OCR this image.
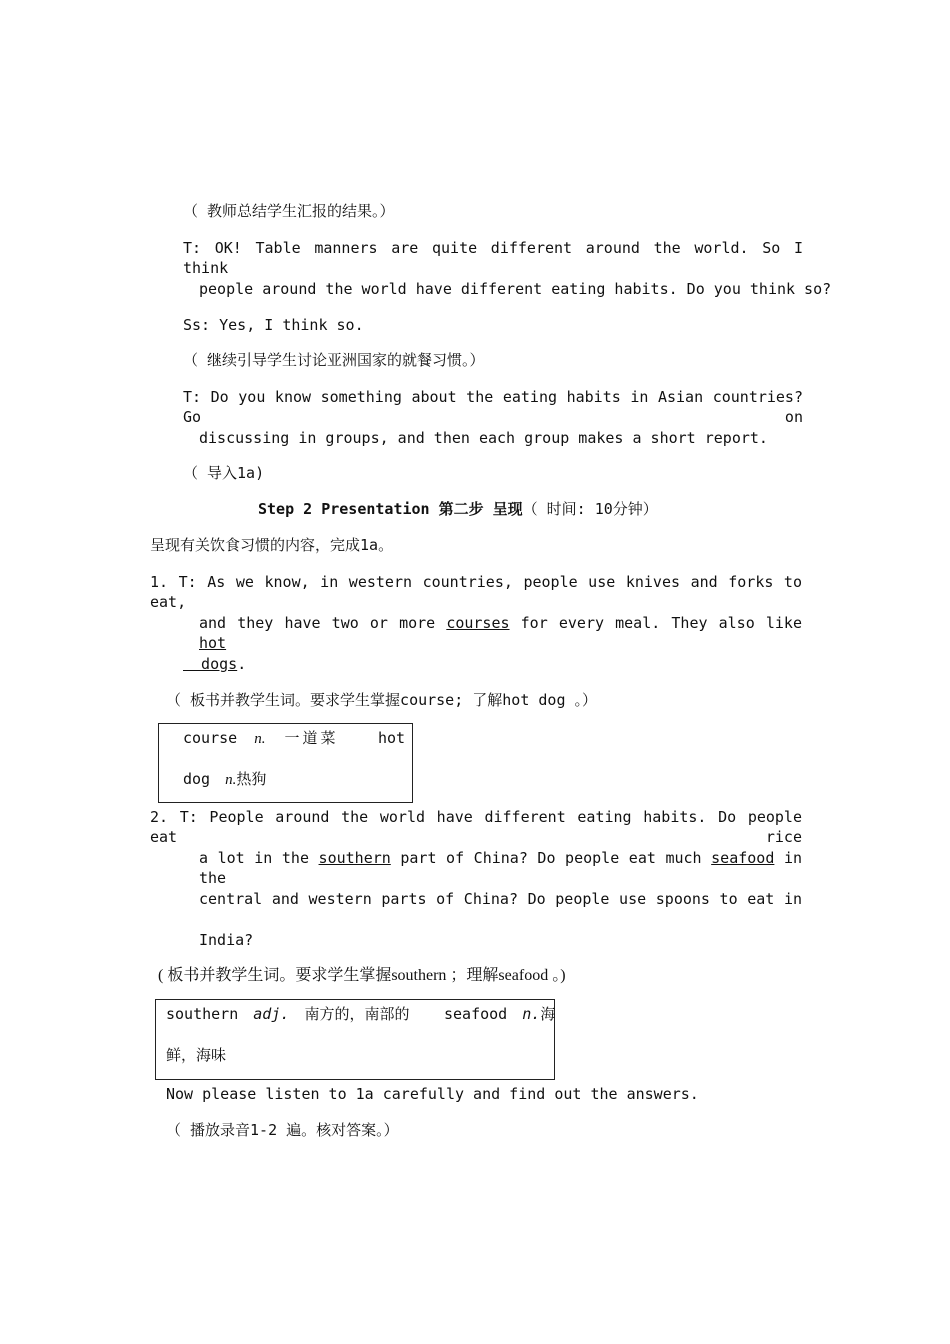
（ 教师总结学生汇报的结果。）
T: OK! Table manners are quite different around the world. So I think
people around the world have different eating habits. Do you think so?
Ss: Yes, I think so.
（ 继续引导学生讨论亚洲国家的就餐习惯。）
T: Do you know something about the eating habits in Asian countries? Go on
discussing in groups, and then each group makes a short report.
（ 导入1a)
Step 2 Presentation 第二步 呈现（ 时间: 10分钟）
呈现有关饮食习惯的内容，完成1a。
1. T: As we know, in western countries, people use knives and forks to eat,
and they have two or more courses for every meal. They also like hot
dogs.
（ 板书并教学生词。要求学生掌握course; 了解hot dog 。）
course n. 一道菜	hot
dog n.热狗
2. T: People around the world have different eating habits. Do people eat rice
a lot in the southern part of China? Do people eat much seafood in the
central and western parts of China? Do people use spoons to eat in
India?
( 板书并教学生词。要求学生掌握southern ；理解seafood 。)
southern adj. 南方的，南部的 seafood n.海
鲜，海味
Now please listen to 1a carefully and find out the answers.
（ 播放录音1-2 遍。核对答案。）
